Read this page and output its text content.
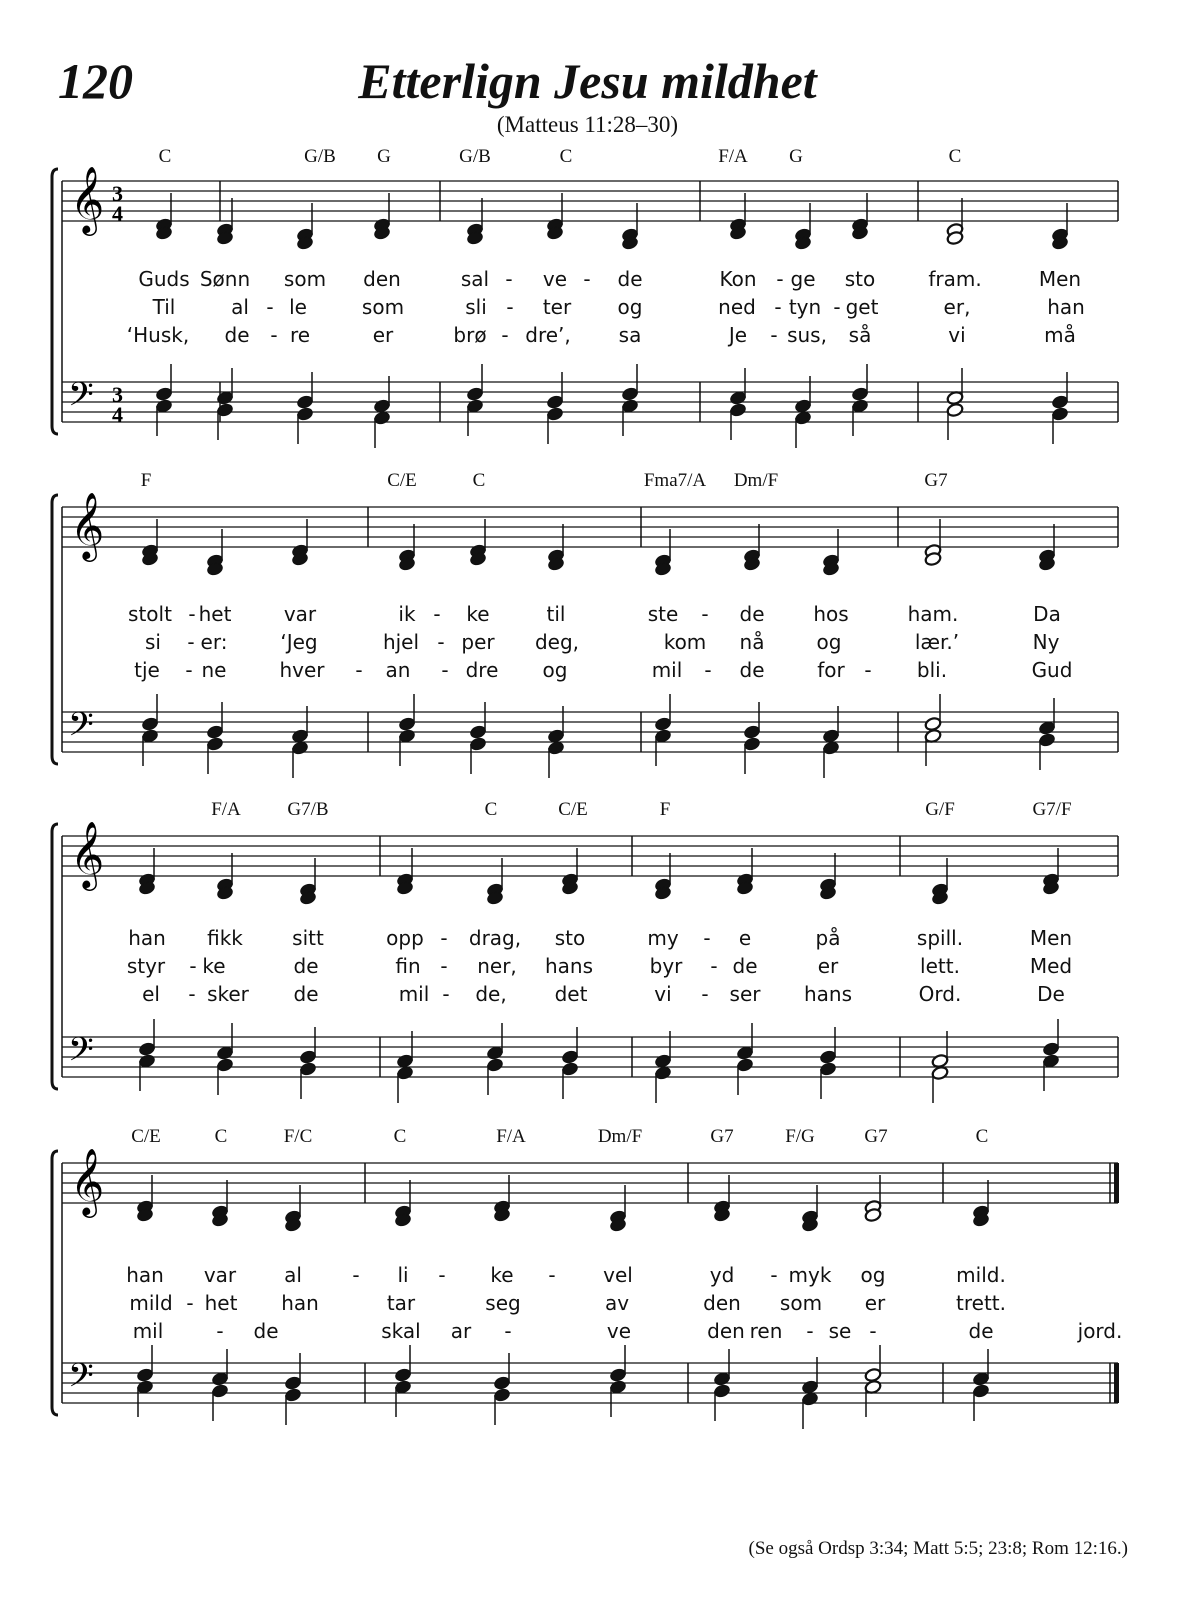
120	Etterlign Jesu mildhet
(Matteus 11:28–30)
𝄞
𝄢
3
4
3
4
𝄞
𝄢
𝄞
𝄢
𝄞
𝄢
C	G/B G	G/B	C	F/A G	C
Guds Sønn som den	sal - ve - de	Kon - ge sto	fram.	Men
Til	al - le	som	sli - ter og	ned - tyn - get	er,	han
‘Husk, de - re	er	brø - dre’, sa	Je - sus, så	vi	må
F	C/E	C	Fma7/A Dm/F	G7
stolt - het	var	ik - ke	til	ste - de hos	ham.	Da
si - er:	‘Jeg	hjel - per deg,	kom nå	og	lær.’	Ny
tje - ne	hver - an - dre og	mil - de	for - bli.	Gud
F/A G7/B	C	C/E	F	G/F	G7/F
han fikk sitt	opp - drag, sto	my - e	på	spill.	Men
styr - ke	de	fin - ner, hans	byr - de	er	lett.	Med
el - sker de	mil - de, det	vi - ser hans	Ord.	De
C/E	C	F/C	C	F/A	Dm/F	G7	F/G	G7	C
han var al	- li - ke - vel	yd - myk og	mild.
mild - het han	tar	seg	av	den som er	trett.
mil	- de	skal ar -	ve	den ren - se -	de	jord.
(Se også Ordsp 3:34; Matt 5:5; 23:8; Rom 12:16.)
